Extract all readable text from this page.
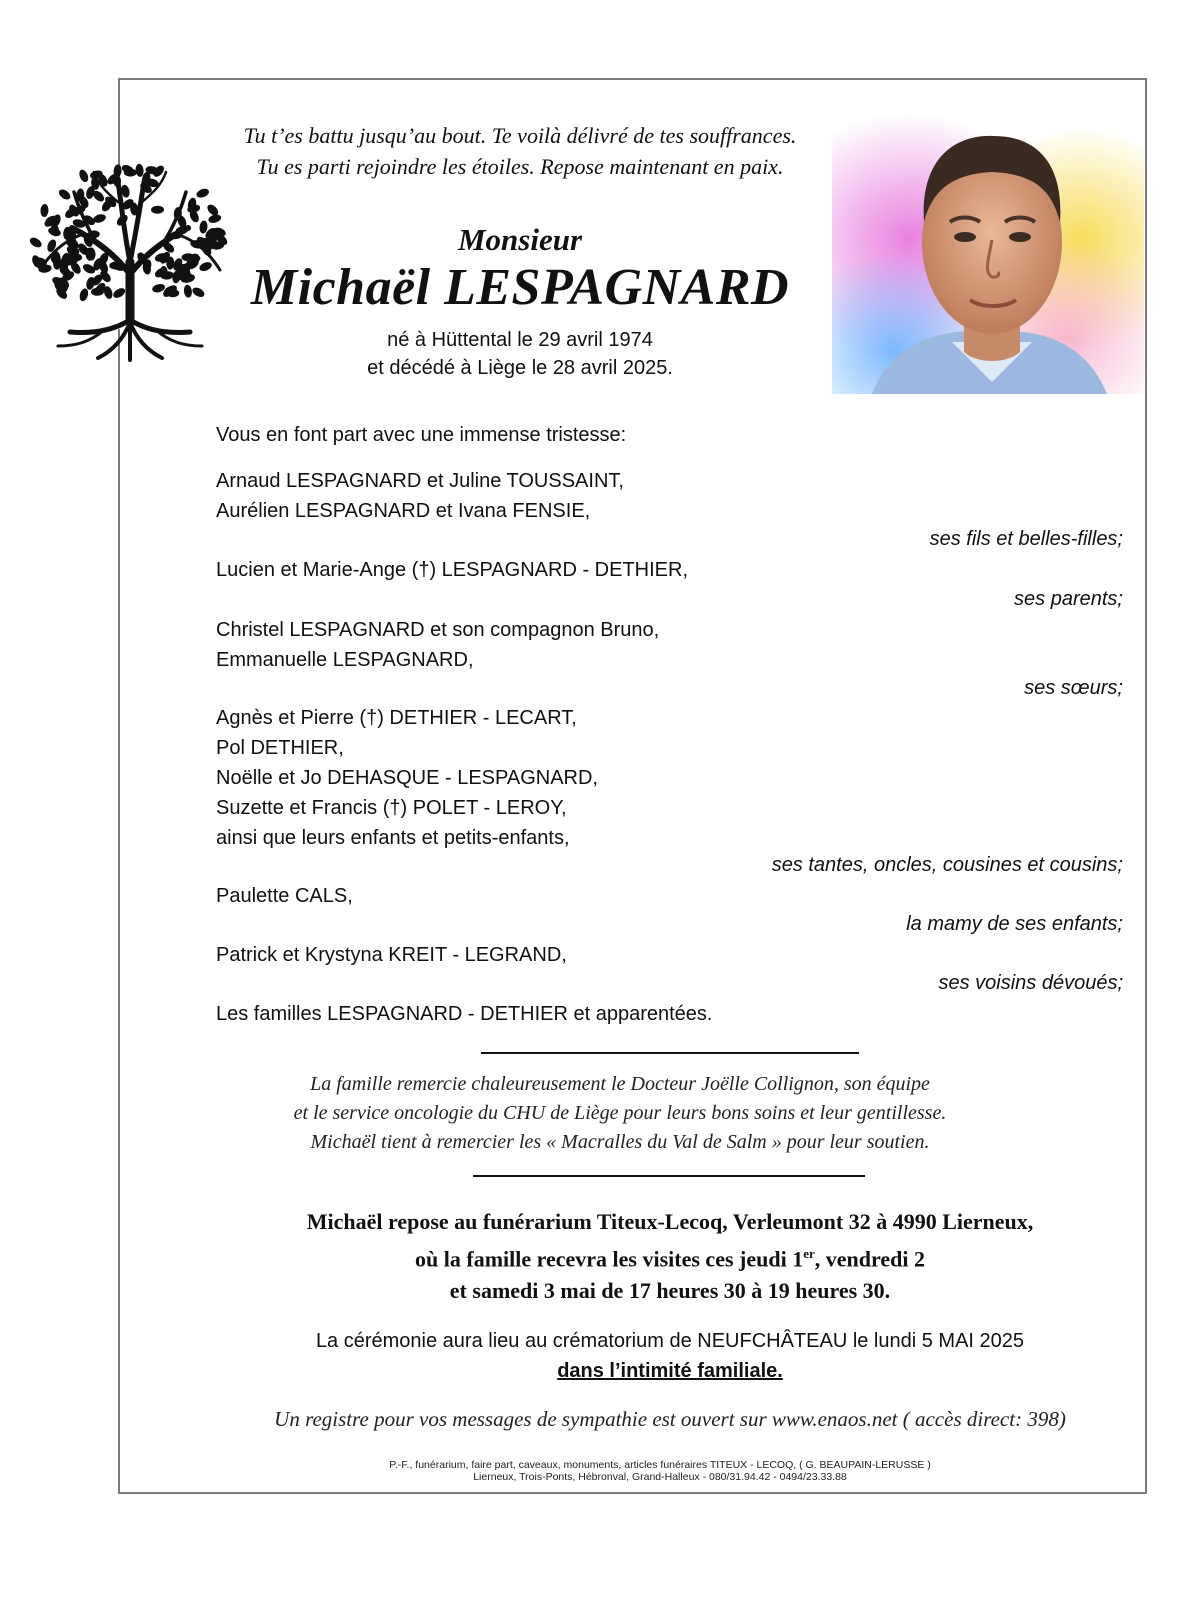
Tu t’es battu jusqu’au bout. Te voilà délivré de tes souffrances.
Tu es parti rejoindre les étoiles. Repose maintenant en paix.
Monsieur
Michaël LESPAGNARD
né à Hüttental le 29 avril 1974
et décédé à Liège le 28 avril 2025.
Vous en font part avec une immense tristesse:
Arnaud LESPAGNARD et Juline TOUSSAINT,
Aurélien LESPAGNARD et Ivana FENSIE,
ses fils et belles-filles;
Lucien et Marie-Ange (†) LESPAGNARD - DETHIER,
ses parents;
Christel LESPAGNARD et son compagnon Bruno,
Emmanuelle LESPAGNARD,
ses sœurs;
Agnès et Pierre (†) DETHIER - LECART,
Pol DETHIER,
Noëlle et Jo DEHASQUE - LESPAGNARD,
Suzette et Francis (†) POLET - LEROY,
ainsi que leurs enfants et petits-enfants,
ses tantes, oncles, cousines et cousins;
Paulette CALS,
la mamy de ses enfants;
Patrick et Krystyna KREIT - LEGRAND,
ses voisins dévoués;
Les familles LESPAGNARD - DETHIER et apparentées.
La famille remercie chaleureusement le Docteur Joëlle Collignon, son équipe
et le service oncologie du CHU de Liège pour leurs bons soins et leur gentillesse.
Michaël tient à remercier les « Macralles du Val de Salm » pour leur soutien.
Michaël repose au funérarium Titeux-Lecoq, Verleumont 32 à 4990 Lierneux,
où la famille recevra les visites ces jeudi 1er, vendredi 2
et samedi 3 mai de 17 heures 30 à 19 heures 30.
La cérémonie aura lieu au crématorium de NEUFCHÂTEAU le lundi 5 MAI 2025
dans l’intimité familiale.
Un registre pour vos messages de sympathie est ouvert sur www.enaos.net ( accès direct: 398)
P.-F., funérarium, faire part, caveaux, monuments, articles funéraires TITEUX - LECOQ, ( G. BEAUPAIN-LERUSSE )
Lierneux, Trois-Ponts, Hébronval, Grand-Halleux - 080/31.94.42 - 0494/23.33.88
